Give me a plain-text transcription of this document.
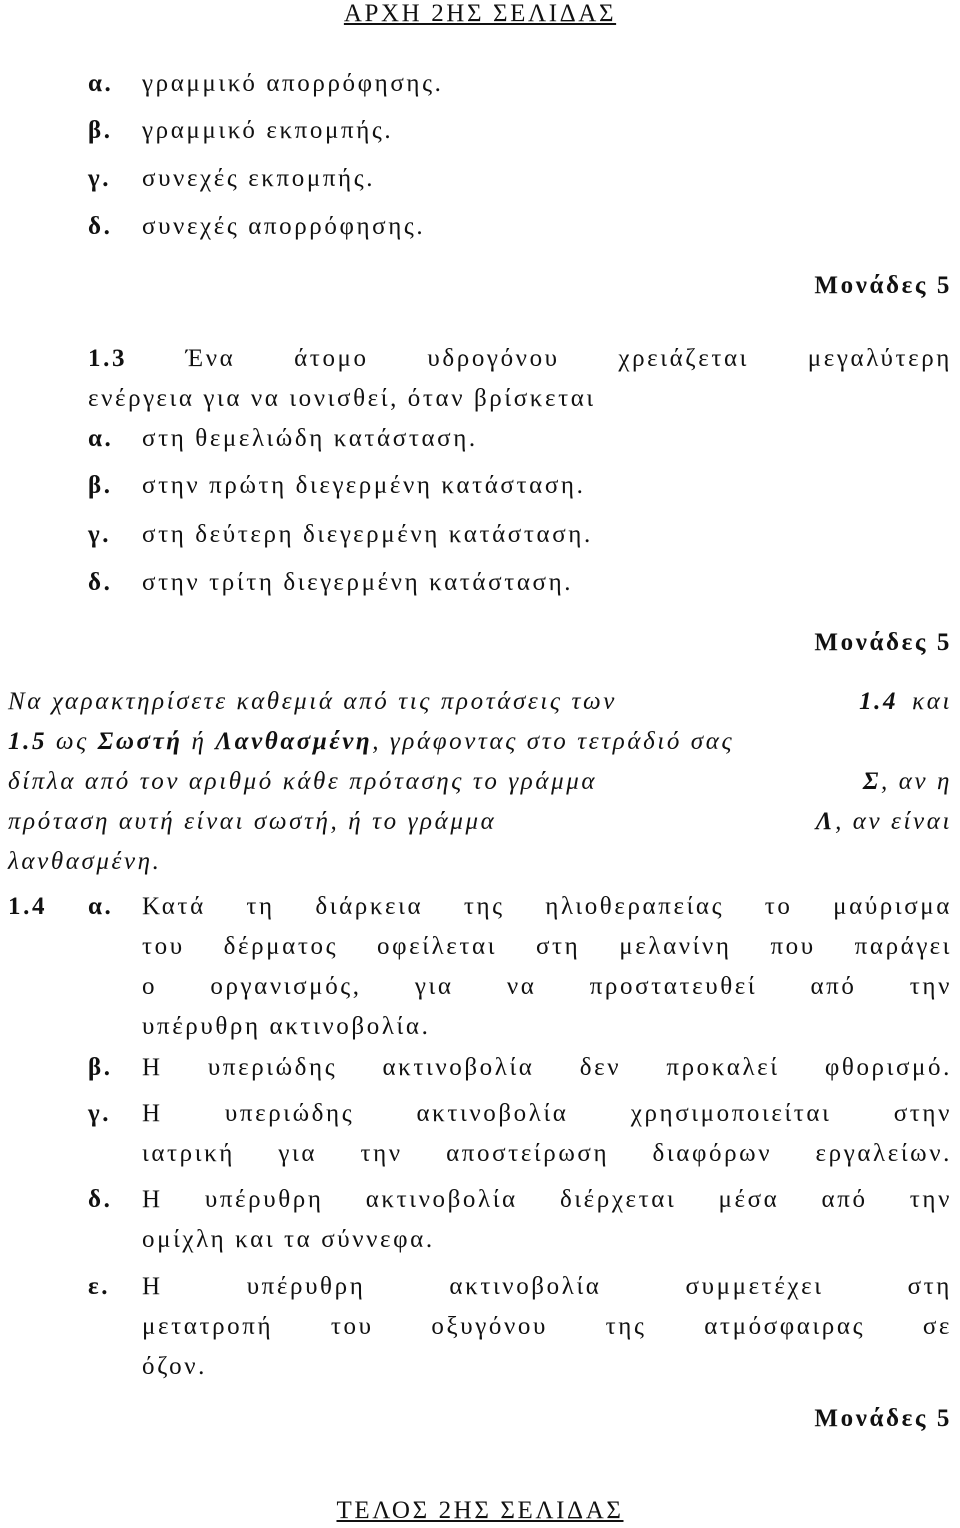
ΑΡΧΗ 2ΗΣ ΣΕΛΙΔΑΣ
α. γραμμικό απορρόφησης.
β. γραμμικό εκπομπής.
γ. συνεχές εκπομπής.
δ. συνεχές απορρόφησης.
Μονάδες 5
1.3 Ένα άτομο υδρογόνου χρειάζεται μεγαλύτερη
ενέργεια για να ιονισθεί, όταν βρίσκεται
α. στη θεμελιώδη κατάσταση.
β. στην πρώτη διεγερμένη κατάσταση.
γ. στη δεύτερη διεγερμένη κατάσταση.
δ. στην τρίτη διεγερμένη κατάσταση.
Μονάδες 5
Να χαρακτηρίσετε καθεμιά από τις προτάσεις των	1.4 και
1.5 ως Σωστή ή Λανθασμένη, γράφοντας στο τετράδιό σας
δίπλα από τον αριθμό κάθε πρότασης το γράμμα	Σ, αν η
πρόταση αυτή είναι σωστή, ή το γράμμα	Λ, αν είναι
λανθασμένη.
1.4 α. Κατά τη διάρκεια της ηλιοθεραπείας το μαύρισμα
του δέρματος οφείλεται στη μελανίνη που παράγει
ο οργανισμός, για να προστατευθεί από την
υπέρυθρη ακτινοβολία.
β. Η υπεριώδης ακτινοβολία δεν προκαλεί φθορισμό.
γ. Η υπεριώδης ακτινοβολία χρησιμοποιείται στην
ιατρική για την αποστείρωση διαφόρων εργαλείων.
δ. Η υπέρυθρη ακτινοβολία διέρχεται μέσα από την
ομίχλη και τα σύννεφα.
ε. Η υπέρυθρη ακτινοβολία συμμετέχει στη
μετατροπή του οξυγόνου της ατμόσφαιρας σε
όζον.
Μονάδες 5
ΤΕΛΟΣ 2ΗΣ ΣΕΛΙΔΑΣ
